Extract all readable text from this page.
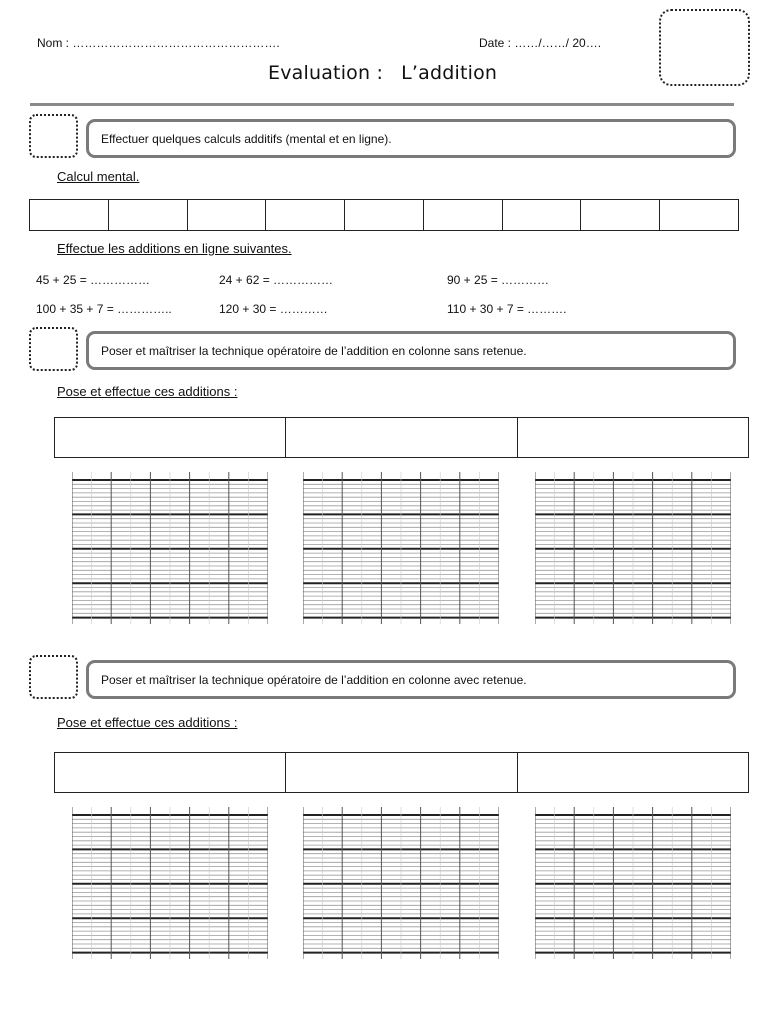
Nom : …………………………………………….	Date : ……/……/ 20….
Evaluation : L’addition
Effectuer quelques calculs additifs (mental et en ligne).
Calcul mental.

Effectue les additions en ligne suivantes.
45 + 25 = ……………	24 + 62 = ……………	90 + 25 = …………
100 + 35 + 7 = …………..	120 + 30 = …………	110 + 30 + 7 = ……….
Poser et maîtriser la technique opératoire de l’addition en colonne sans retenue.
Pose et effectue ces additions :

Poser et maîtriser la technique opératoire de l’addition en colonne avec retenue.
Pose et effectue ces additions :
